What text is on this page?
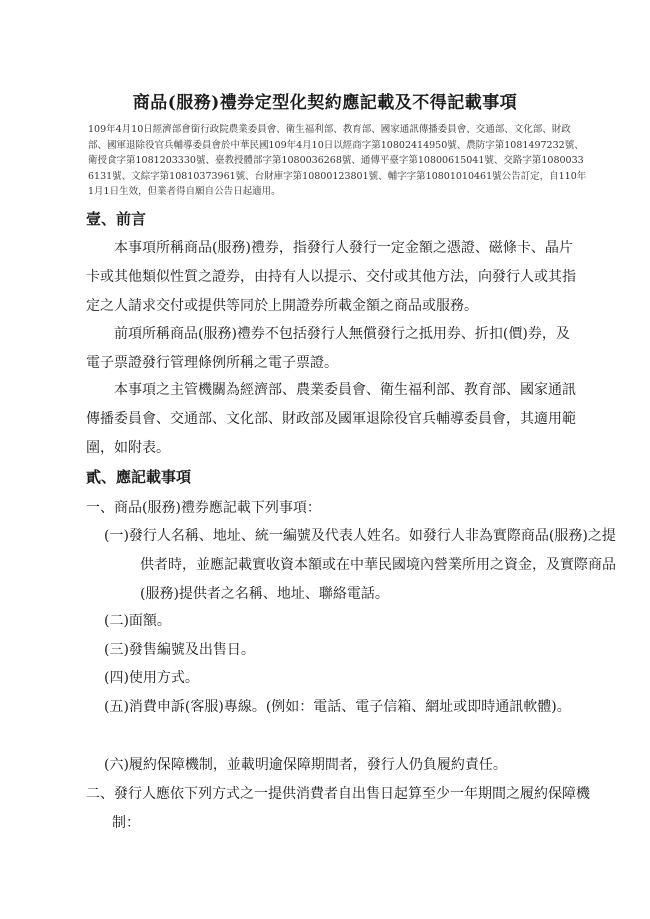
商品(服務)禮券定型化契約應記載及不得記載事項
109年4月10日經濟部會銜行政院農業委員會、衛生福利部、教育部、國家通訊傳播委員會、交通部、文化部、財政部、國軍退除役官兵輔導委員會於中華民國109年4月10日以經商字第10802414950號、農防字第1081497232號、衛授食字第1081203330號、臺教授體部字第1080036268號、通傳平臺字第10800615041號、交路字第10800336131號、文綜字第10810373961號、台財庫字第10800123801號、輔字字第10801010461號公告訂定，自110年1月1日生效，但業者得自願自公告日起適用。
壹、前言
本事項所稱商品(服務)禮券，指發行人發行一定金額之憑證、磁條卡、晶片卡或其他類似性質之證券，由持有人以提示、交付或其他方法，向發行人或其指定之人請求交付或提供等同於上開證券所載金額之商品或服務。
前項所稱商品(服務)禮券不包括發行人無償發行之抵用券、折扣(價)券，及電子票證發行管理條例所稱之電子票證。
本事項之主管機關為經濟部、農業委員會、衛生福利部、教育部、國家通訊傳播委員會、交通部、文化部、財政部及國軍退除役官兵輔導委員會，其適用範圍，如附表。
貳、應記載事項
一、商品(服務)禮券應記載下列事項：
(一)發行人名稱、地址、統一編號及代表人姓名。如發行人非為實際商品(服務)之提供者時，並應記載實收資本額或在中華民國境內營業所用之資金，及實際商品(服務)提供者之名稱、地址、聯絡電話。
(二)面額。
(三)發售編號及出售日。
(四)使用方式。
(五)消費申訴(客服)專線。(例如：電話、電子信箱、網址或即時通訊軟體)。
(六)履約保障機制，並載明逾保障期間者，發行人仍負履約責任。
二、發行人應依下列方式之一提供消費者自出售日起算至少一年期間之履約保障機制：
